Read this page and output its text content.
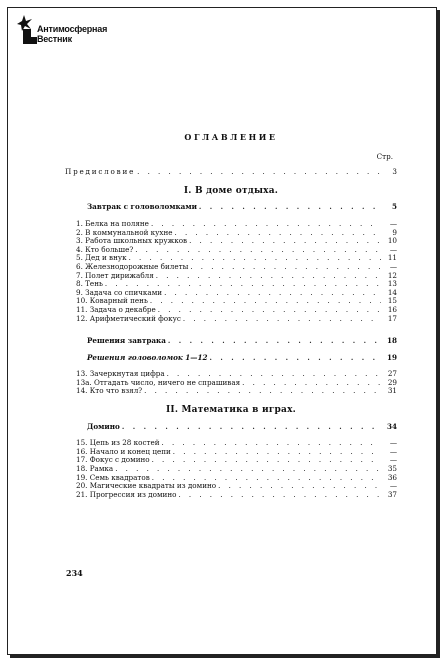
Антимосферная
Вестник
ОГЛАВЛЕНИЕ
Стр.
Предисловие . . .	3
I. В доме отдыха.
Завтрак с головоломками . . .	5
1. Белка на поляне . . .	—
2. В коммунальной кухне . . .	9
3. Работа школьных кружков . . .	10
4. Кто больше? . . .	—
5. Дед и внук . . .	11
6. Железнодорожные билеты . . .	—
7. Полет дирижабля . . .	12
8. Тень . . .	13
9. Задача со спичками . . .	14
10. Коварный пень . . .	15
11. Задача о декабре . . .	16
12. Арифметический фокус . . .	17
Решения завтрака . . .	18
Решения головоломок 1—12 . . .	19
13. Зачеркнутая цифра . . .	27
13а. Отгадать число, ничего не спрашивая . . .	29
14. Кто что взял? . . .	31
II. Математика в играх.
Домино . . .	34
15. Цепь из 28 костей . . .	—
16. Начало и конец цепи . . .	—
17. Фокус с домино . . .	—
18. Рамка . . .	35
19. Семь квадратов . . .	36
20. Магические квадраты из домино . . .	—
21. Прогрессия из домино . . .	37
234
